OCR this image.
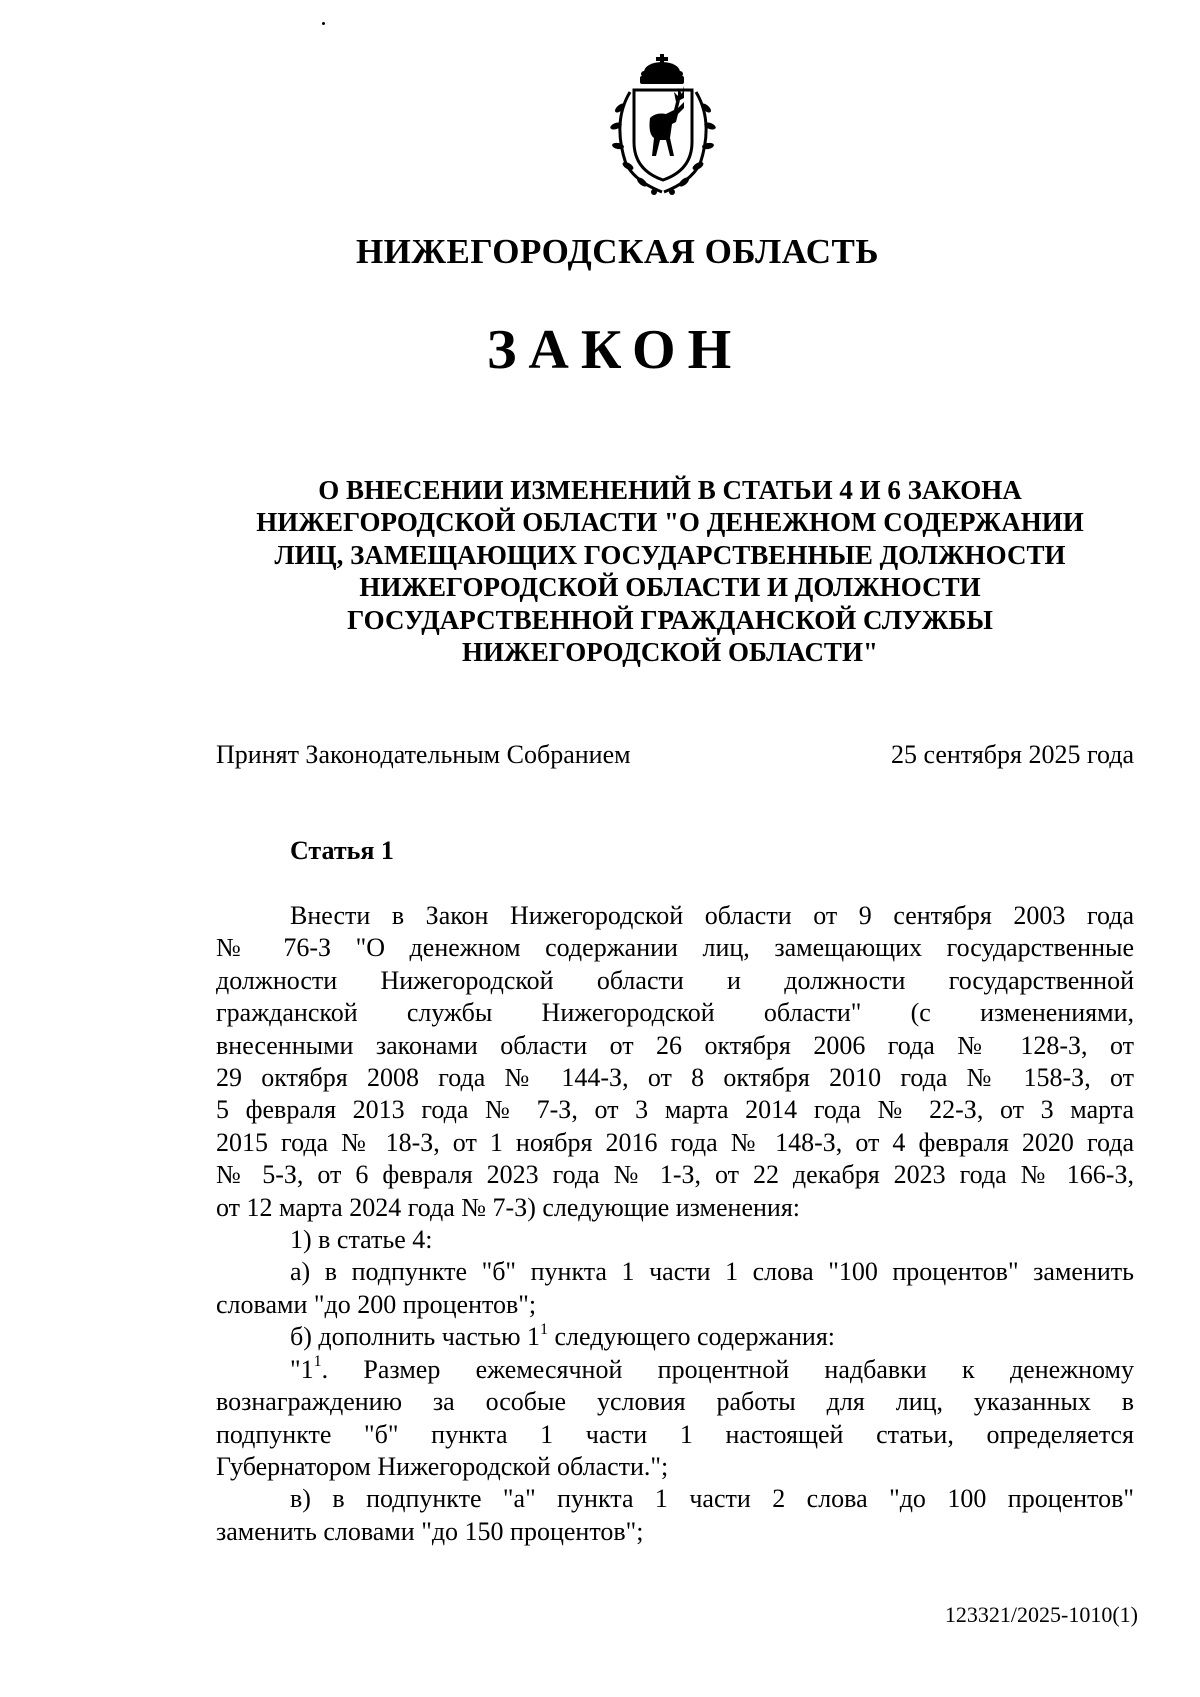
НИЖЕГОРОДСКАЯ ОБЛАСТЬ
ЗАКОН
О ВНЕСЕНИИ ИЗМЕНЕНИЙ В СТАТЬИ 4 И 6 ЗАКОНА
НИЖЕГОРОДСКОЙ ОБЛАСТИ "О ДЕНЕЖНОМ СОДЕРЖАНИИ
ЛИЦ, ЗАМЕЩАЮЩИХ ГОСУДАРСТВЕННЫЕ ДОЛЖНОСТИ
НИЖЕГОРОДСКОЙ ОБЛАСТИ И ДОЛЖНОСТИ
ГОСУДАРСТВЕННОЙ ГРАЖДАНСКОЙ СЛУЖБЫ
НИЖЕГОРОДСКОЙ ОБЛАСТИ"
Принят Законодательным Собранием	25 сентября 2025 года
Статья 1
Внести в Закон Нижегородской области от 9 сентября 2003 года
№ 76-З "О денежном содержании лиц, замещающих государственные
должности Нижегородской области и должности государственной
гражданской службы Нижегородской области" (с изменениями,
внесенными законами области от 26 октября 2006 года № 128-З, от
29 октября 2008 года № 144-З, от 8 октября 2010 года № 158-З, от
5 февраля 2013 года № 7-З, от 3 марта 2014 года № 22-З, от 3 марта
2015 года № 18-З, от 1 ноября 2016 года № 148-З, от 4 февраля 2020 года
№ 5-З, от 6 февраля 2023 года № 1-З, от 22 декабря 2023 года № 166-З,
от 12 марта 2024 года № 7-З) следующие изменения:
1) в статье 4:
а) в подпункте "б" пункта 1 части 1 слова "100 процентов" заменить
словами "до 200 процентов";
б) дополнить частью $1^1$ следующего содержания:
"$1^1$. Размер ежемесячной процентной надбавки к денежному
вознаграждению за особые условия работы для лиц, указанных в
подпункте "б" пункта 1 части 1 настоящей статьи, определяется
Губернатором Нижегородской области.";
в) в подпункте "а" пункта 1 части 2 слова "до 100 процентов"
заменить словами "до 150 процентов";
123321/2025-1010(1)
